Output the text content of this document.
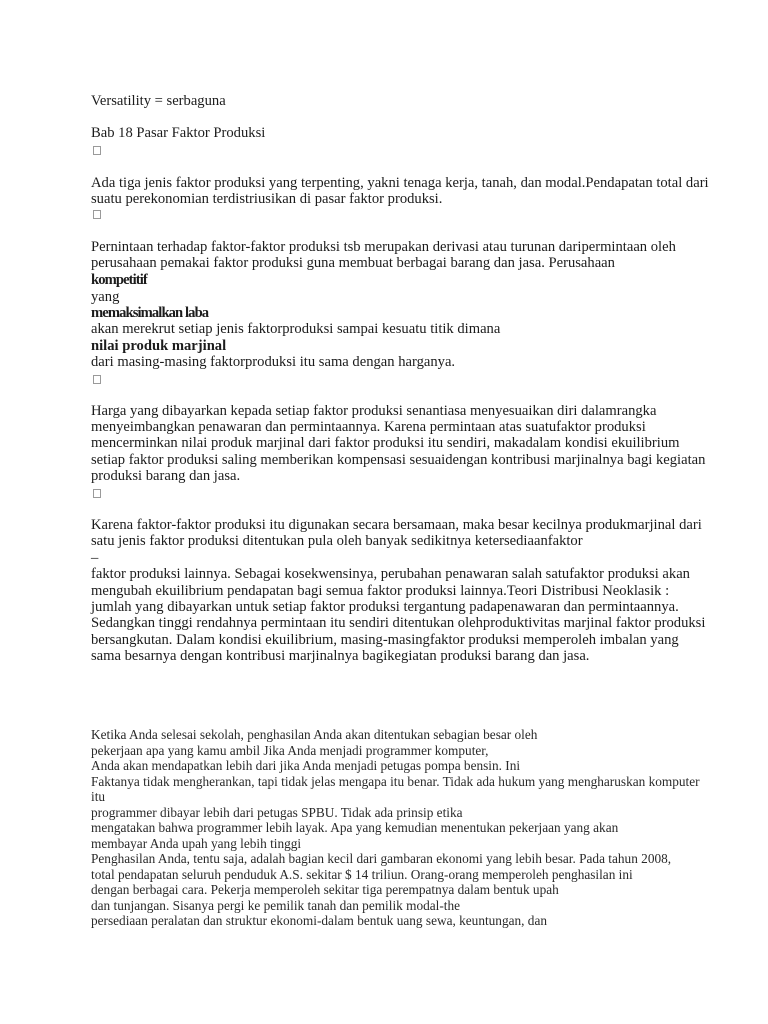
Versatility = serbaguna
Bab 18 Pasar Faktor Produksi
Ada tiga jenis faktor produksi yang terpenting, yakni tenaga kerja, tanah, dan modal.Pendapatan total dari
suatu perekonomian terdistriusikan di pasar faktor produksi.
Pernintaan terhadap faktor-faktor produksi tsb merupakan derivasi atau turunan daripermintaan oleh
perusahaan pemakai faktor produksi guna membuat berbagai barang dan jasa. Perusahaan
kompetitif
yang
memaksimalkan laba
akan merekrut setiap jenis faktorproduksi sampai kesuatu titik dimana
nilai produk marjinal
dari masing-masing faktorproduksi itu sama dengan harganya.
Harga yang dibayarkan kepada setiap faktor produksi senantiasa menyesuaikan diri dalamrangka
menyeimbangkan penawaran dan permintaannya. Karena permintaan atas suatufaktor produksi
mencerminkan nilai produk marjinal dari faktor produksi itu sendiri, makadalam kondisi ekuilibrium
setiap faktor produksi saling memberikan kompensasi sesuaidengan kontribusi marjinalnya bagi kegiatan
produksi barang dan jasa.
Karena faktor-faktor produksi itu digunakan secara bersamaan, maka besar kecilnya produkmarjinal dari
satu jenis faktor produksi ditentukan pula oleh banyak sedikitnya ketersediaanfaktor
–
faktor produksi lainnya. Sebagai kosekwensinya, perubahan penawaran salah satufaktor produksi akan
mengubah ekuilibrium pendapatan bagi semua faktor produksi lainnya.Teori Distribusi Neoklasik :
jumlah yang dibayarkan untuk setiap faktor produksi tergantung padapenawaran dan permintaannya.
Sedangkan tinggi rendahnya permintaan itu sendiri ditentukan olehproduktivitas marjinal faktor produksi
bersangkutan. Dalam kondisi ekuilibrium, masing-masingfaktor produksi memperoleh imbalan yang
sama besarnya dengan kontribusi marjinalnya bagikegiatan produksi barang dan jasa.
Ketika Anda selesai sekolah, penghasilan Anda akan ditentukan sebagian besar oleh
pekerjaan apa yang kamu ambil Jika Anda menjadi programmer komputer,
Anda akan mendapatkan lebih dari jika Anda menjadi petugas pompa bensin. Ini
Faktanya tidak mengherankan, tapi tidak jelas mengapa itu benar. Tidak ada hukum yang mengharuskan komputer
itu
programmer dibayar lebih dari petugas SPBU. Tidak ada prinsip etika
mengatakan bahwa programmer lebih layak. Apa yang kemudian menentukan pekerjaan yang akan
membayar Anda upah yang lebih tinggi
Penghasilan Anda, tentu saja, adalah bagian kecil dari gambaran ekonomi yang lebih besar. Pada tahun 2008,
total pendapatan seluruh penduduk A.S. sekitar $ 14 triliun. Orang-orang memperoleh penghasilan ini
dengan berbagai cara. Pekerja memperoleh sekitar tiga perempatnya dalam bentuk upah
dan tunjangan. Sisanya pergi ke pemilik tanah dan pemilik modal-the
persediaan peralatan dan struktur ekonomi-dalam bentuk uang sewa, keuntungan, dan
